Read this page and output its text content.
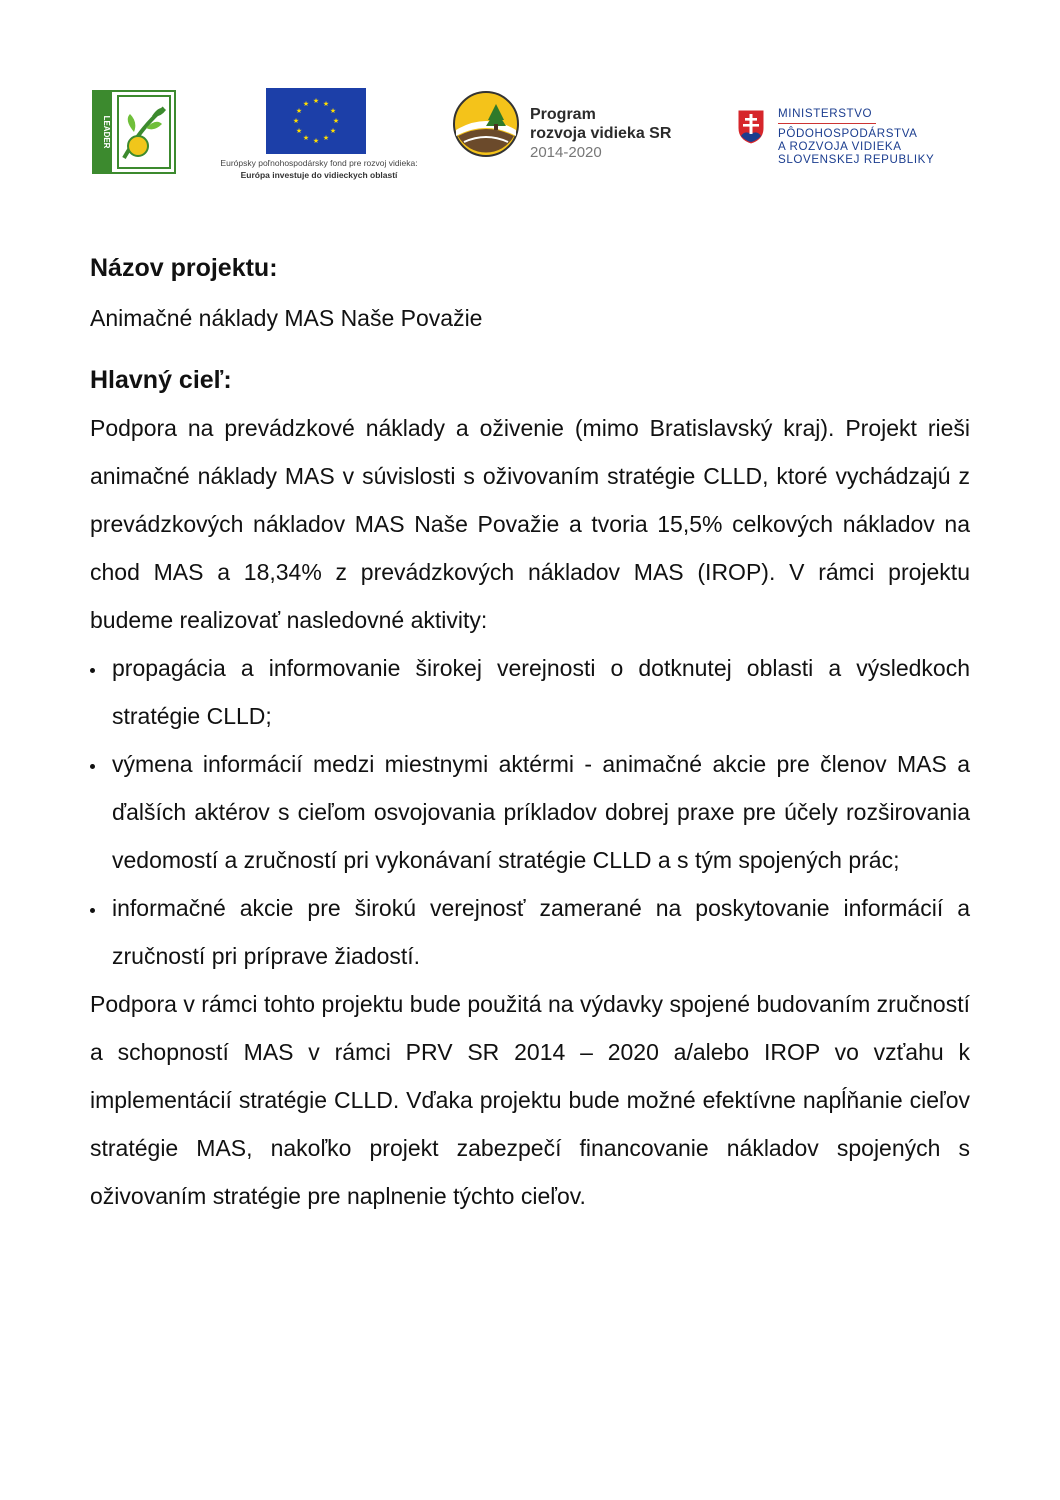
LEADER
★ ★
★
★
★
★
★
★
★
★
★
★
Európsky poľnohospodársky fond pre rozvoj vidieka:
Európa investuje do vidieckych oblastí
Program
rozvoja vidieka SR
2014-2020
MINISTERSTVO
PÔDOHOSPODÁRSTVA
A ROZVOJA VIDIEKA
SLOVENSKEJ REPUBLIKY
Názov projektu:

Animačné náklady MAS Naše Považie

Hlavný cieľ:

Podpora na prevádzkové náklady a oživenie (mimo Bratislavský kraj). Projekt rieši animačné náklady MAS v súvislosti s oživovaním stratégie CLLD, ktoré vychádzajú z prevádzkových nákladov MAS Naše Považie a tvoria 15,5% celkových nákladov na chod MAS a 18,34% z prevádzkových nákladov MAS (IROP). V rámci projektu budeme realizovať nasledovné aktivity:

propagácia a informovanie širokej verejnosti o dotknutej oblasti a výsledkoch stratégie CLLD;
výmena informácií medzi miestnymi aktérmi - animačné akcie pre členov MAS a ďalších aktérov s cieľom osvojovania príkladov dobrej praxe pre účely rozširovania vedomostí a zručností pri vykonávaní stratégie CLLD a s tým spojených prác;
informačné akcie pre širokú verejnosť zamerané na poskytovanie informácií a zručností pri príprave žiadostí.

Podpora v rámci tohto projektu bude použitá na výdavky spojené budovaním zručností a schopností MAS v rámci PRV SR 2014 – 2020 a/alebo IROP vo vzťahu k implementácií stratégie CLLD. Vďaka projektu bude možné efektívne napĺňanie cieľov stratégie MAS, nakoľko projekt zabezpečí financovanie nákladov spojených s oživovaním stratégie pre naplnenie týchto cieľov.
